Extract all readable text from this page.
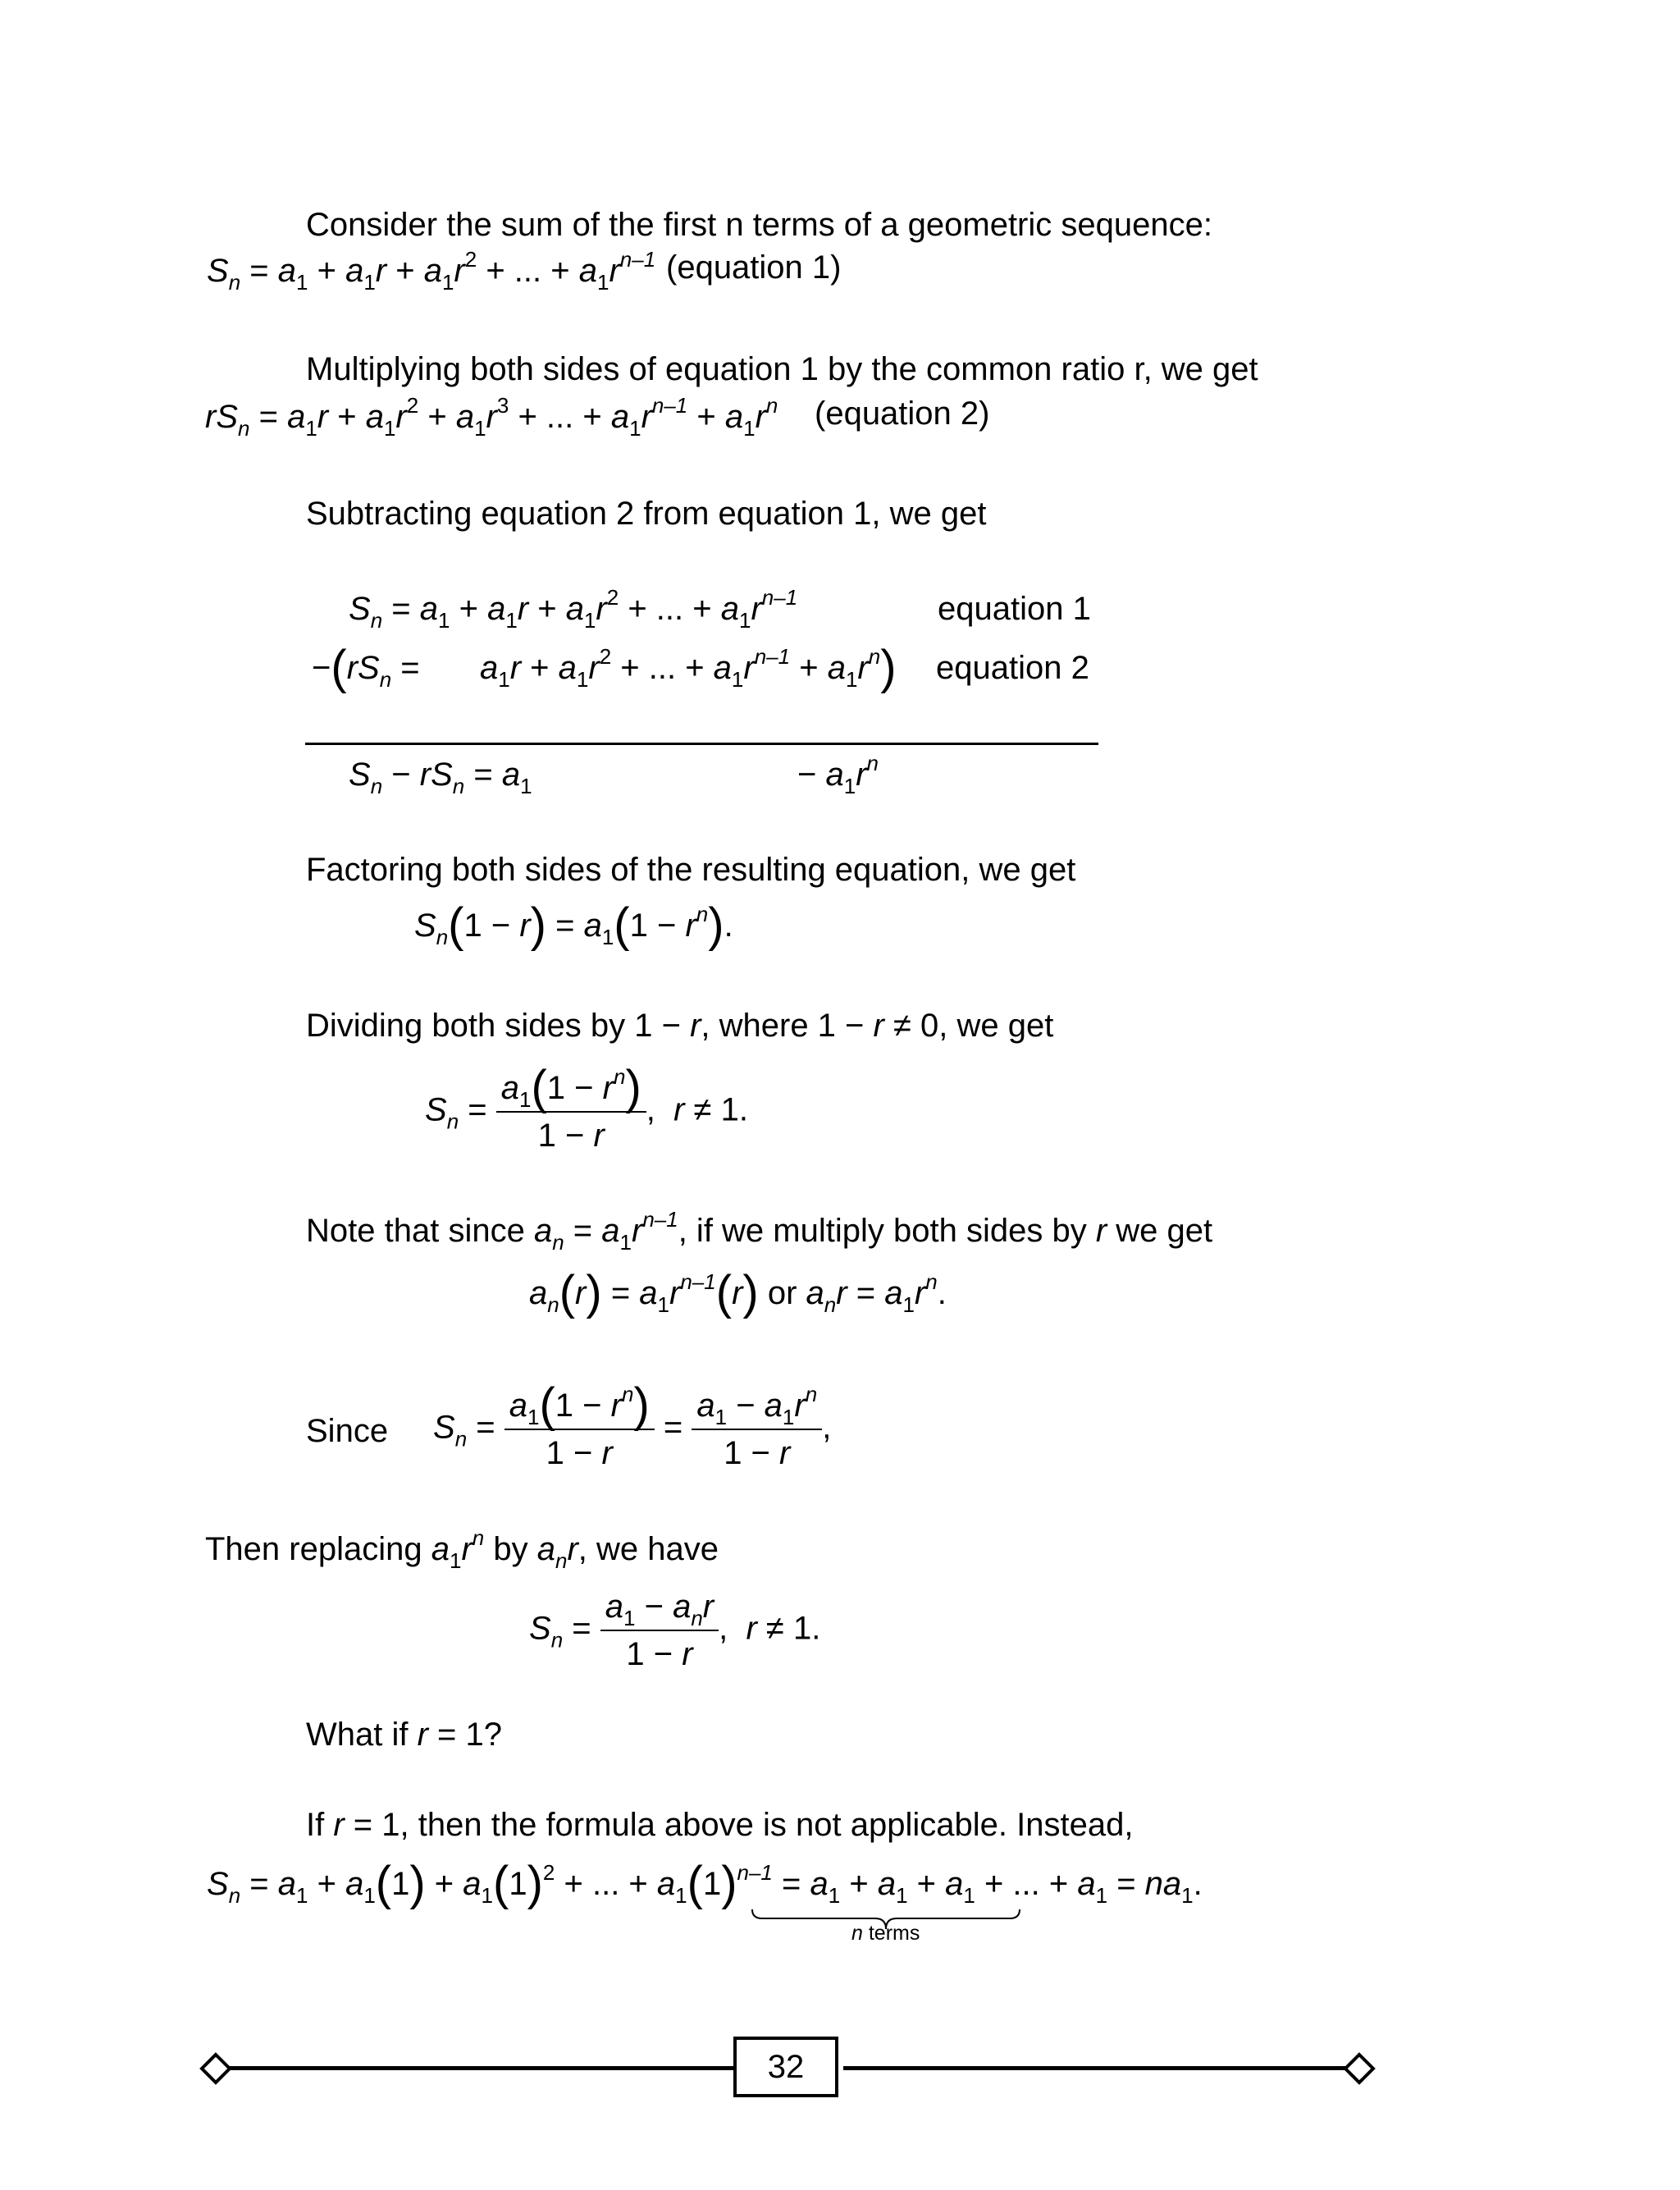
Consider the sum of the first n terms of a geometric sequence:
$S_n = a_1 + a_1r + a_1r^2$ + ... + $a_1r^{n-1}$ (equation 1)
Multiplying both sides of equation 1 by the common ratio r, we get
$rS_n = a_1r + a_1r^2 + a_1r^3$ + ... + $a_1r^{n-1} + a_1r^n$ (equation 2)
Subtracting equation 2 from equation 1, we get
$S_n = a_1 + a_1r + a_1r^2$ + ... + $a_1r^{n-1}$	equation 1
$-(rS_n = a_1r + a_1r^2$ + ... + $a_1r^{n-1} + a_1r^n$) equation 2
$S_n - rS_n = a_1$	− $a_1r^n$
Factoring both sides of the resulting equation, we get
$S_n(1 - r) = a_1(1 - r^n)$.
Dividing both sides by 1 − r, where 1 − r ≠ 0, we get
$S_n = \frac{a_1(1 - r^n)}{1 - r}$ ,  r ≠ 1.
Note that since $a_n = a_1r^{n-1}$, if we multiply both sides by r we get
$a_n(r) = a_1r^{n-1}(r)$ or $a_nr = a_1r^n$.
Since $S_n = \frac{a_1(1 - r^n)}{1 - r} = \frac{a_1 - a_1r^n}{1 - r}$ ,
Then replacing $a_1r^n$ by $a_nr$, we have
$S_n = \frac{a_1 - a_nr}{1 - r}$ ,  r ≠ 1.
What if r = 1?
If r = 1, then the formula above is not applicable. Instead,
$S_n = a_1 + a_1(1) + a_1(1)^2$ + ... + $a_1(1)^{n-1} = a_1 + a_1 + a_1$ + ... + $a_1 = na_1$.
n terms
32
